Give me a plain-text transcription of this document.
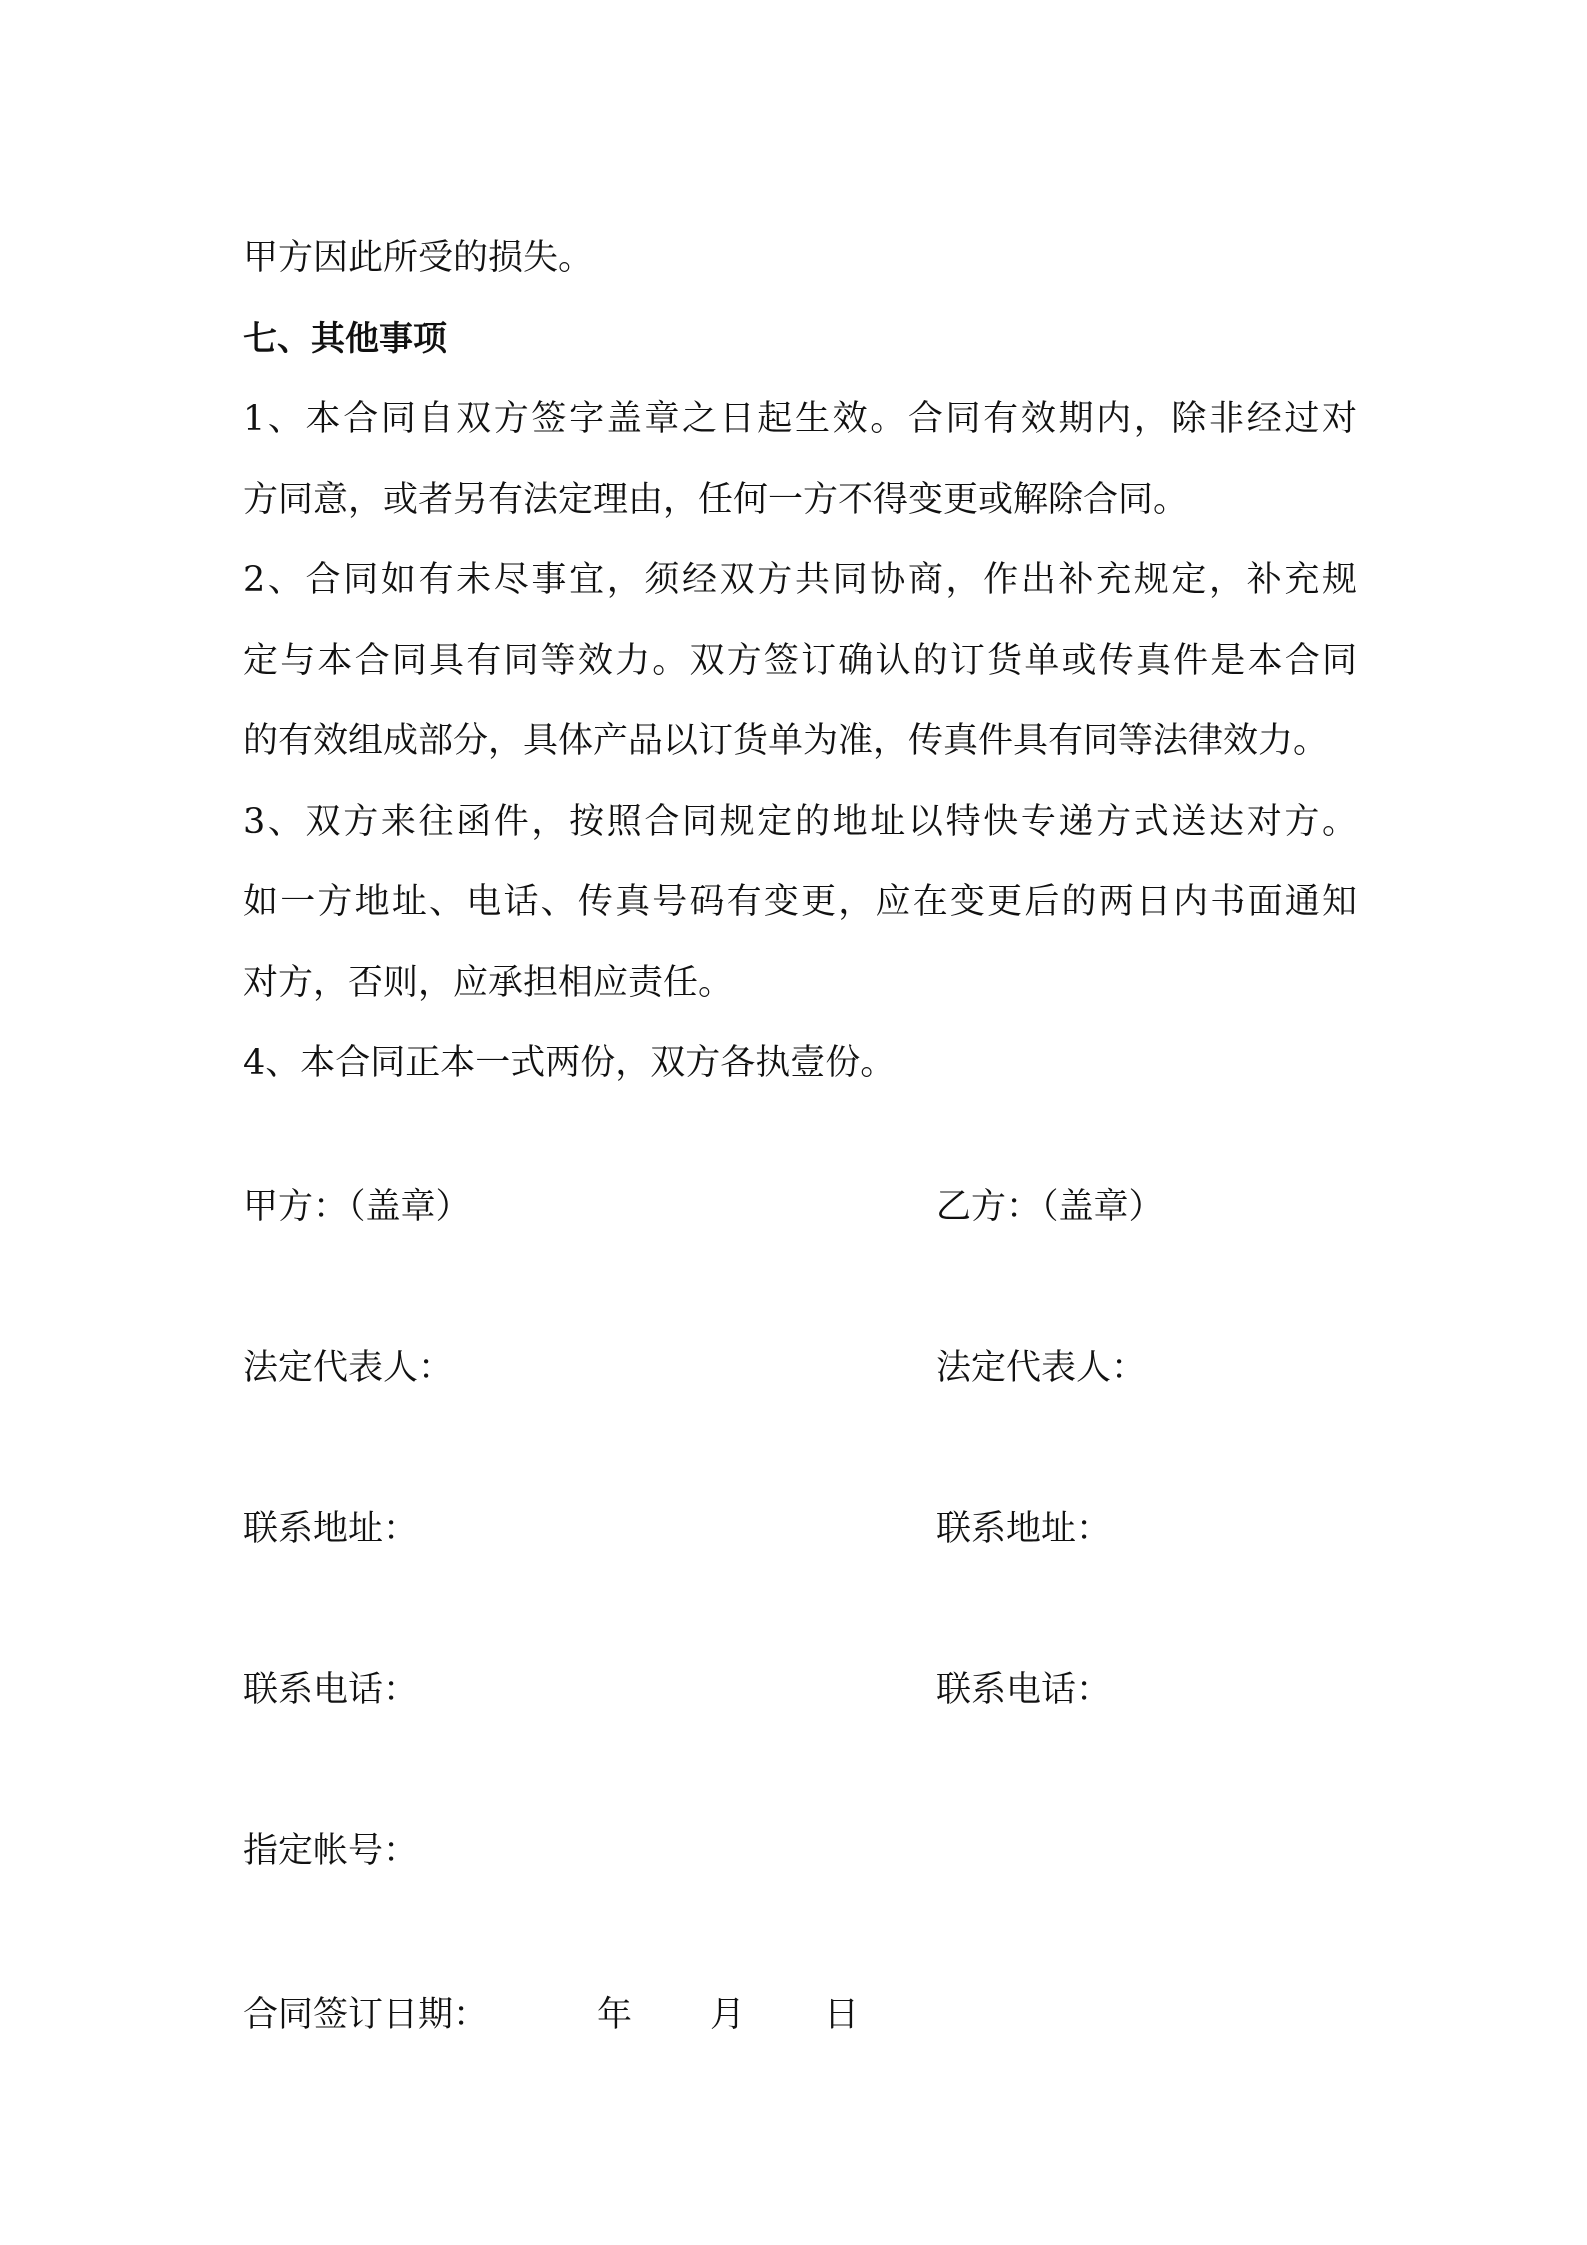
甲方因此所受的损失。

七、其他事项

1、本合同自双方签字盖章之日起生效。合同有效期内，除非经过对
方同意，或者另有法定理由，任何一方不得变更或解除合同。

2、合同如有未尽事宜，须经双方共同协商，作出补充规定，补充规
定与本合同具有同等效力。双方签订确认的订货单或传真件是本合同
的有效组成部分，具体产品以订货单为准，传真件具有同等法律效力。

3、双方来往函件，按照合同规定的地址以特快专递方式送达对方。
如一方地址、电话、传真号码有变更，应在变更后的两日内书面通知
对方，否则，应承担相应责任。

4、本合同正本一式两份，双方各执壹份。

甲方：（盖章）
法定代表人：
联系地址：
联系电话：
指定帐号：
乙方：（盖章）
法定代表人：
联系地址：
联系电话：
合同签订日期：	年 月 日
